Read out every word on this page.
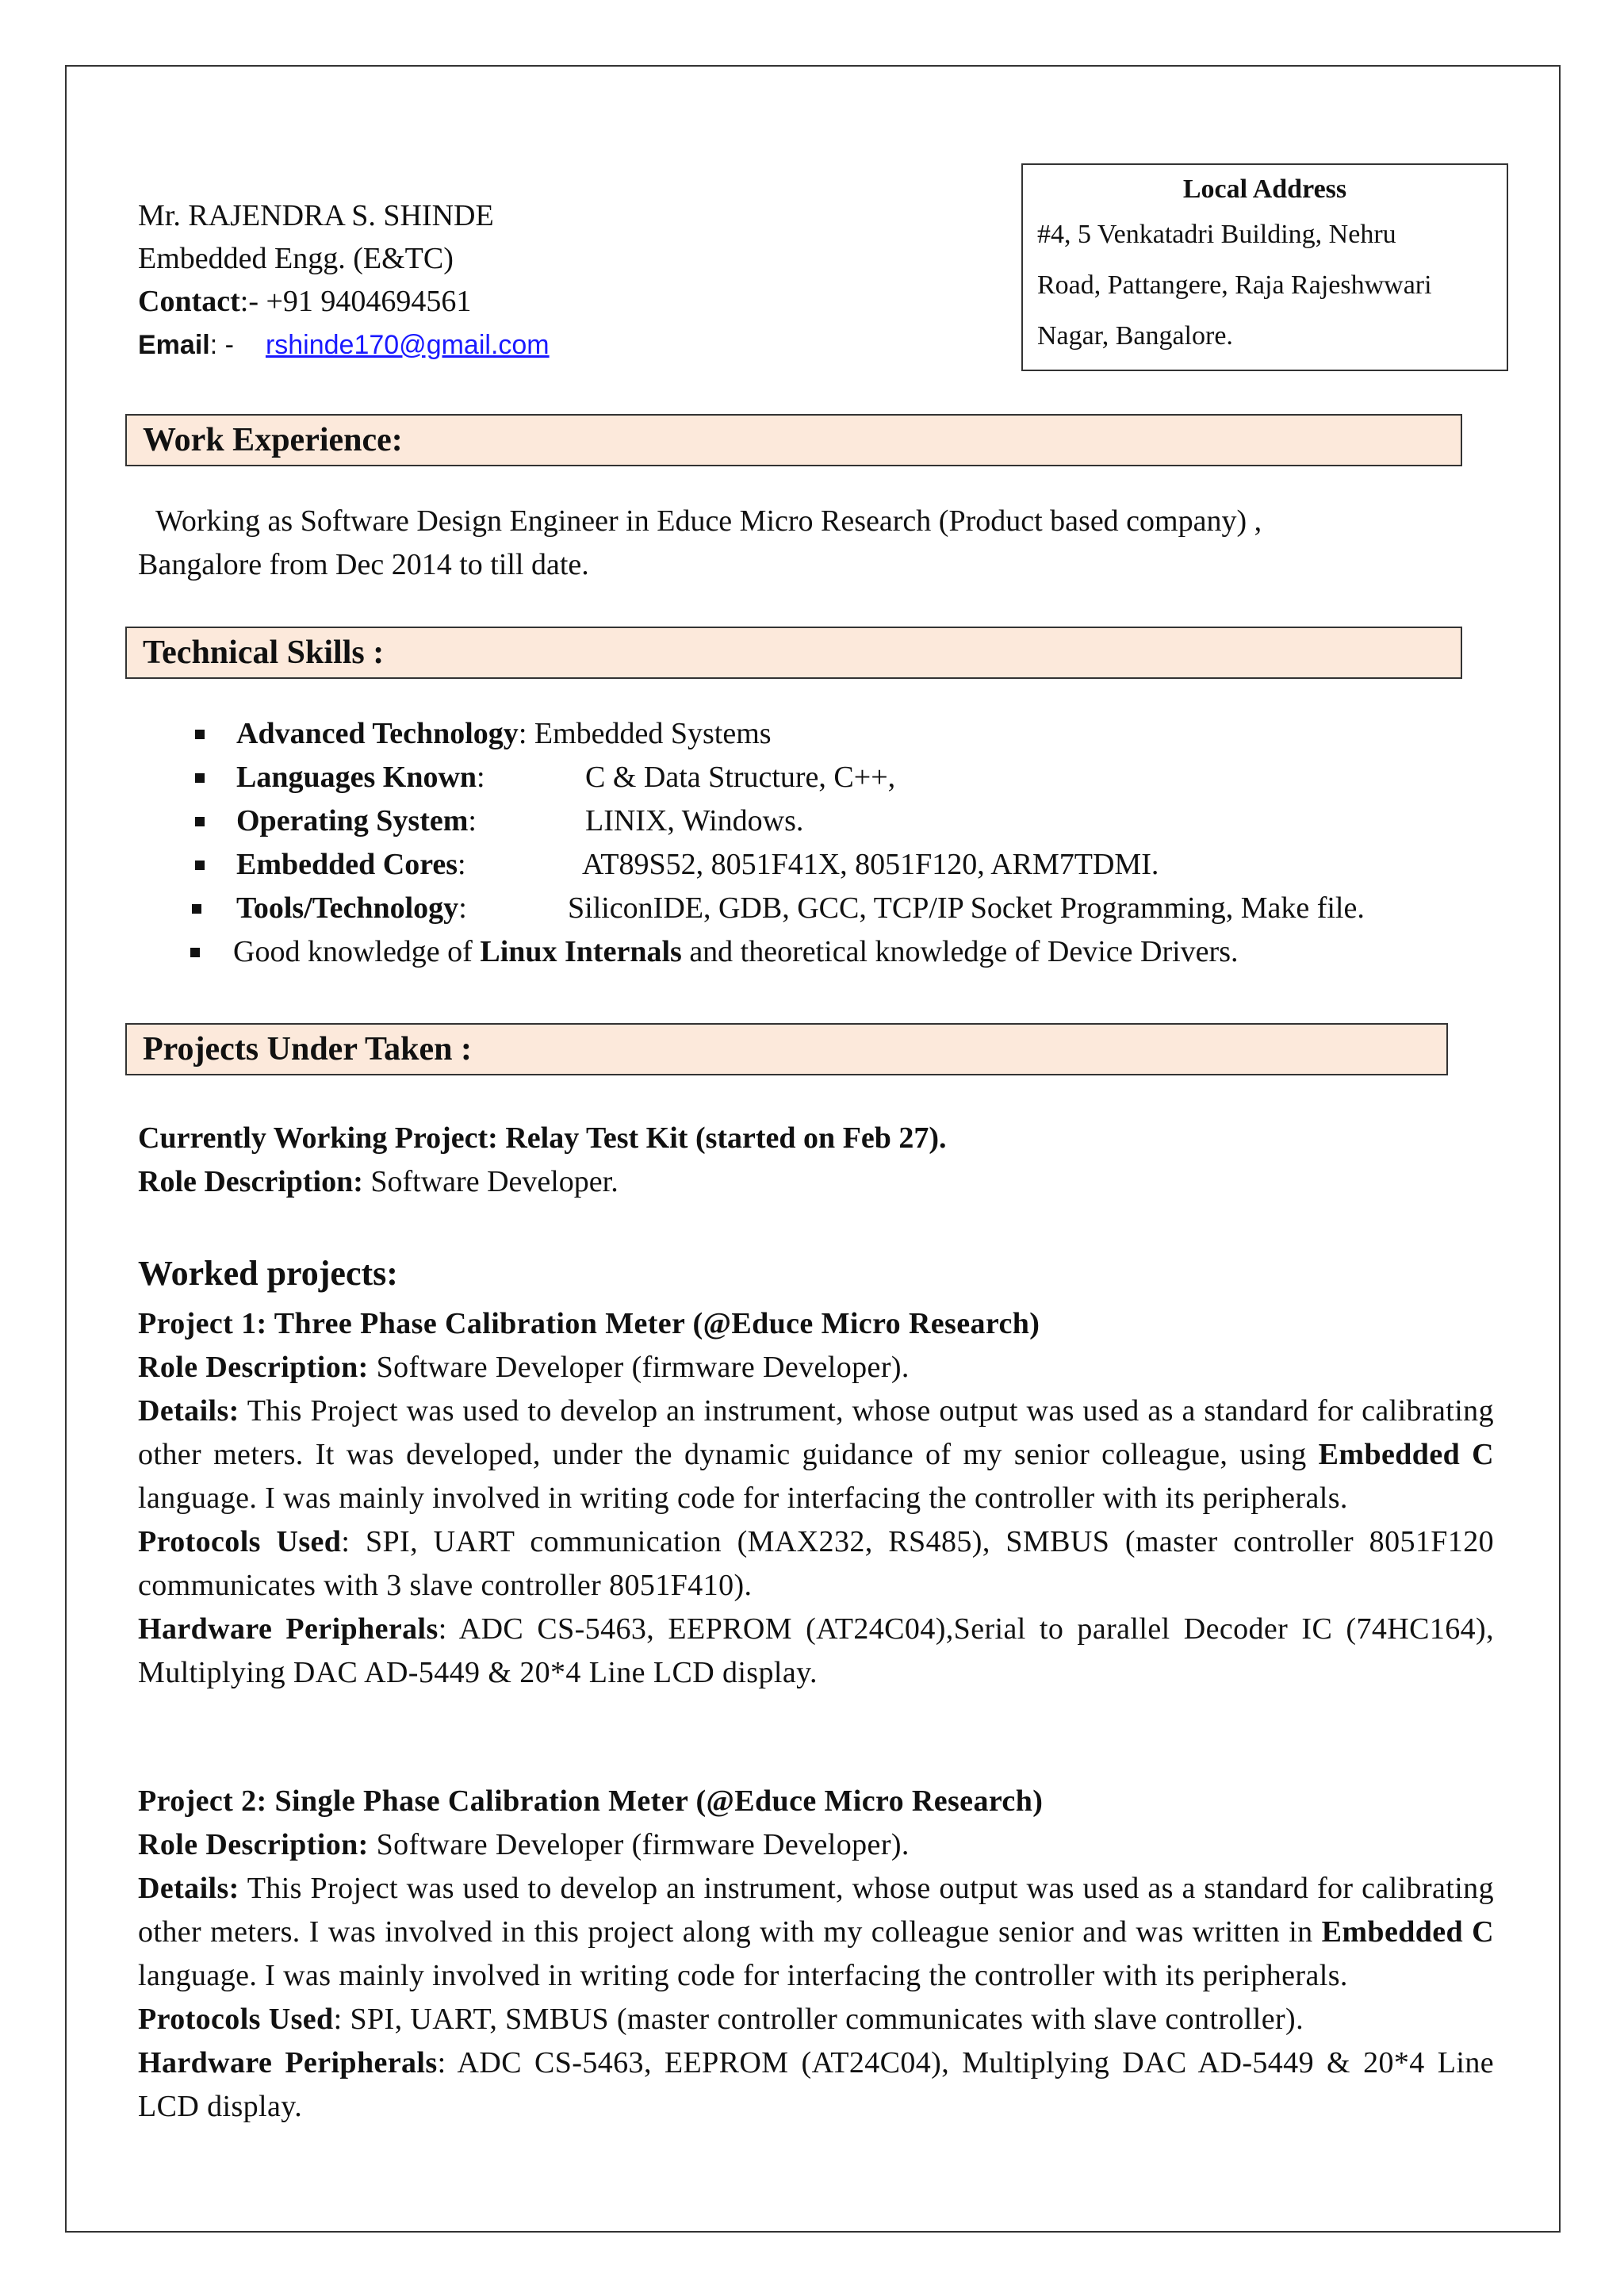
Mr. RAJENDRA S. SHINDE
Embedded Engg. (E&TC)
Contact:- +91 9404694561
Email: - rshinde170@gmail.com
Local Address
#4, 5 Venkatadri Building, Nehru
Road, Pattangere, Raja Rajeshwwari
Nagar, Bangalore.
Work Experience:
Working as Software Design Engineer in Educe Micro Research (Product based company) ,
Bangalore from Dec 2014 to till date.
Technical Skills :
Advanced Technology: Embedded Systems
Languages Known:	C & Data Structure, C++,
Operating System:	LINIX, Windows.
Embedded Cores:	AT89S52, 8051F41X, 8051F120, ARM7TDMI.
Tools/Technology:	SiliconIDE, GDB, GCC, TCP/IP Socket Programming, Make file.
Good knowledge of Linux Internals and theoretical knowledge of Device Drivers.
Projects Under Taken :
Currently Working Project: Relay Test Kit (started on Feb 27).
Role Description: Software Developer.
Worked projects:
Project 1: Three Phase Calibration Meter (@Educe Micro Research)
Role Description: Software Developer (firmware Developer).
Details: This Project was used to develop an instrument, whose output was used as a standard for calibrating other meters. It was developed, under the dynamic guidance of my senior colleague, using Embedded C language. I was mainly involved in writing code for interfacing the controller with its peripherals.
Protocols Used: SPI, UART communication (MAX232, RS485), SMBUS (master controller 8051F120 communicates with 3 slave controller 8051F410).
Hardware Peripherals: ADC CS-5463, EEPROM (AT24C04),Serial to parallel Decoder IC (74HC164), Multiplying DAC AD-5449 & 20*4 Line LCD display.
Project 2: Single Phase Calibration Meter (@Educe Micro Research)
Role Description: Software Developer (firmware Developer).
Details: This Project was used to develop an instrument, whose output was used as a standard for calibrating other meters. I was involved in this project along with my colleague senior and was written in Embedded C language. I was mainly involved in writing code for interfacing the controller with its peripherals.
Protocols Used: SPI, UART, SMBUS (master controller communicates with slave controller).
Hardware Peripherals: ADC CS-5463, EEPROM (AT24C04), Multiplying DAC AD-5449 & 20*4 Line LCD display.
